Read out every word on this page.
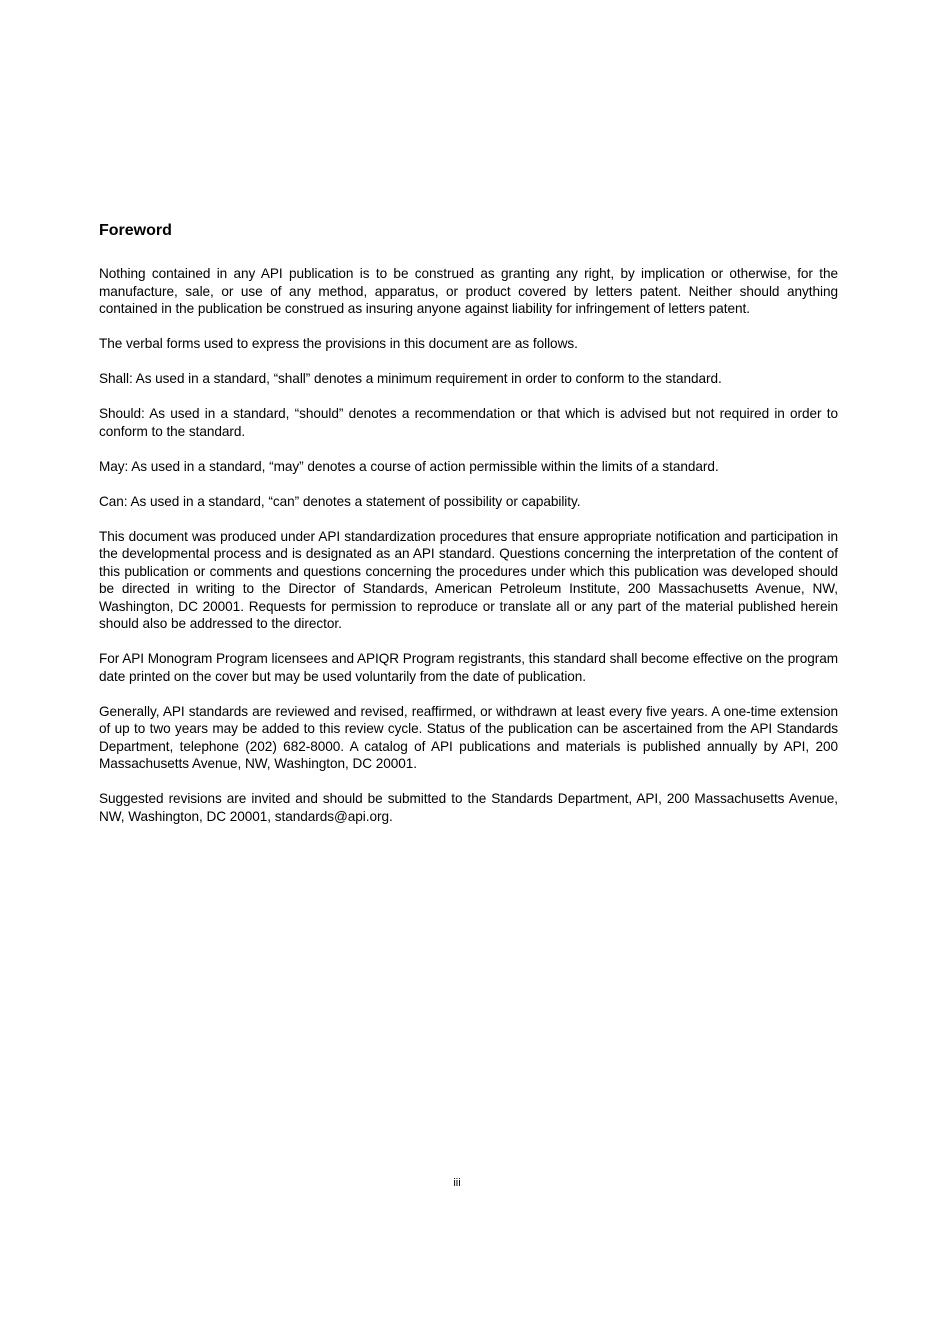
Foreword

Nothing contained in any API publication is to be construed as granting any right, by implication or otherwise, for the manufacture, sale, or use of any method, apparatus, or product covered by letters patent. Neither should anything contained in the publication be construed as insuring anyone against liability for infringement of letters patent.

The verbal forms used to express the provisions in this document are as follows.

Shall: As used in a standard, “shall” denotes a minimum requirement in order to conform to the standard.

Should: As used in a standard, “should” denotes a recommendation or that which is advised but not required in order to conform to the standard.

May: As used in a standard, “may” denotes a course of action permissible within the limits of a standard.

Can: As used in a standard, “can” denotes a statement of possibility or capability.

This document was produced under API standardization procedures that ensure appropriate notification and participation in the developmental process and is designated as an API standard. Questions concerning the interpretation of the content of this publication or comments and questions concerning the procedures under which this publication was developed should be directed in writing to the Director of Standards, American Petroleum Institute, 200 Massachusetts Avenue, NW, Washington, DC 20001. Requests for permission to reproduce or translate all or any part of the material published herein should also be addressed to the director.

For API Monogram Program licensees and APIQR Program registrants, this standard shall become effective on the program date printed on the cover but may be used voluntarily from the date of publication.

Generally, API standards are reviewed and revised, reaffirmed, or withdrawn at least every five years. A one-time extension of up to two years may be added to this review cycle. Status of the publication can be ascertained from the API Standards Department, telephone (202) 682-8000. A catalog of API publications and materials is published annually by API, 200 Massachusetts Avenue, NW, Washington, DC 20001.

Suggested revisions are invited and should be submitted to the Standards Department, API, 200 Massachusetts Avenue, NW, Washington, DC 20001, standards@api.org.

iii
